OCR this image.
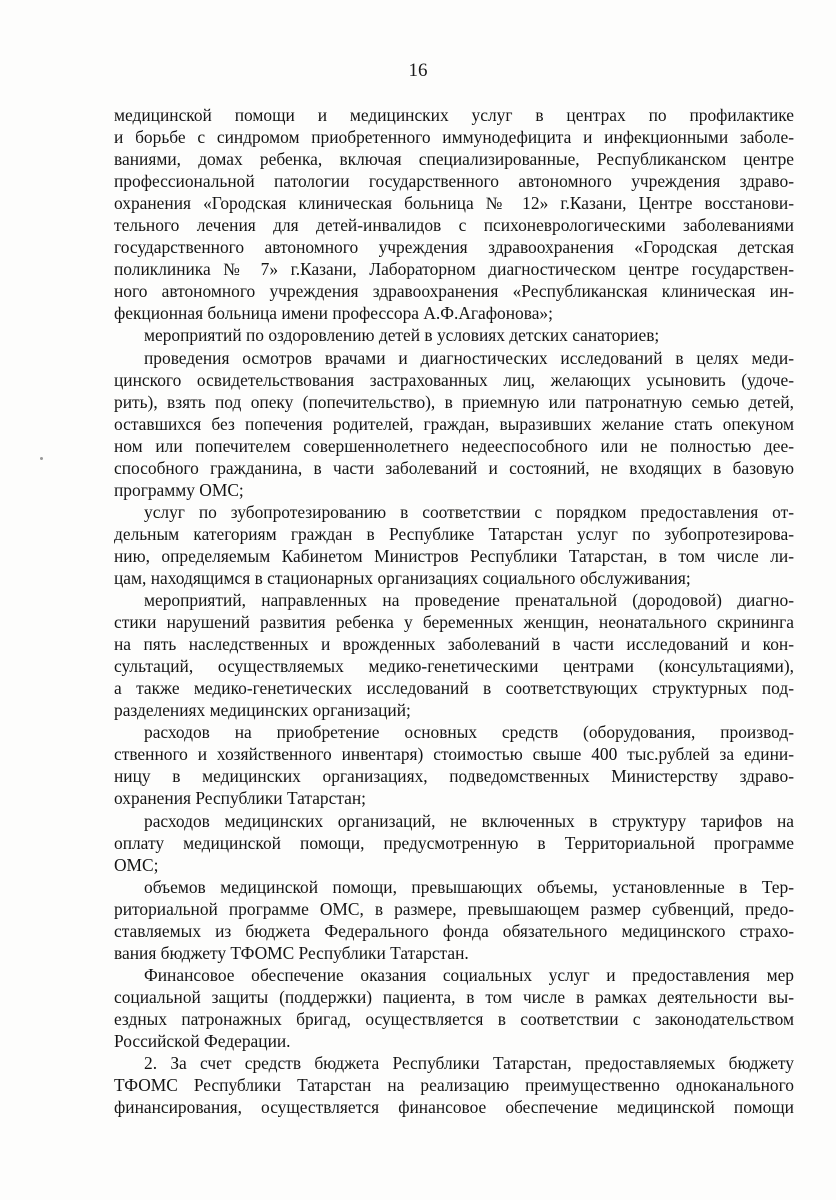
16
медицинской помощи и медицинских услуг в центрах по профилактике
и борьбе с синдромом приобретенного иммунодефицита и инфекционными заболе-
ваниями, домах ребенка, включая специализированные, Республиканском центре
профессиональной патологии государственного автономного учреждения здраво-
охранения «Городская клиническая больница № 12» г.Казани, Центре восстанови-
тельного лечения для детей-инвалидов с психоневрологическими заболеваниями
государственного автономного учреждения здравоохранения «Городская детская
поликлиника № 7» г.Казани, Лабораторном диагностическом центре государствен-
ного автономного учреждения здравоохранения «Республиканская клиническая ин-
фекционная больница имени профессора А.Ф.Агафонова»;
мероприятий по оздоровлению детей в условиях детских санаториев;
проведения осмотров врачами и диагностических исследований в целях меди-
цинского освидетельствования застрахованных лиц, желающих усыновить (удоче-
рить), взять под опеку (попечительство), в приемную или патронатную семью детей,
оставшихся без попечения родителей, граждан, выразивших желание стать опекуном
ном или попечителем совершеннолетнего недееспособного или не полностью дее-
способного гражданина, в части заболеваний и состояний, не входящих в базовую
программу ОМС;
услуг по зубопротезированию в соответствии с порядком предоставления от-
дельным категориям граждан в Республике Татарстан услуг по зубопротезирова-
нию, определяемым Кабинетом Министров Республики Татарстан, в том числе ли-
цам, находящимся в стационарных организациях социального обслуживания;
мероприятий, направленных на проведение пренатальной (дородовой) диагно-
стики нарушений развития ребенка у беременных женщин, неонатального скрининга
на пять наследственных и врожденных заболеваний в части исследований и кон-
сультаций, осуществляемых медико-генетическими центрами (консультациями),
а также медико-генетических исследований в соответствующих структурных под-
разделениях медицинских организаций;
расходов на приобретение основных средств (оборудования, производ-
ственного и хозяйственного инвентаря) стоимостью свыше 400 тыс.рублей за едини-
ницу в медицинских организациях, подведомственных Министерству здраво-
охранения Республики Татарстан;
расходов медицинских организаций, не включенных в структуру тарифов на
оплату медицинской помощи, предусмотренную в Территориальной программе
ОМС;
объемов медицинской помощи, превышающих объемы, установленные в Тер-
риториальной программе ОМС, в размере, превышающем размер субвенций, предо-
ставляемых из бюджета Федерального фонда обязательного медицинского страхо-
вания бюджету ТФОМС Республики Татарстан.
Финансовое обеспечение оказания социальных услуг и предоставления мер
социальной защиты (поддержки) пациента, в том числе в рамках деятельности вы-
ездных патронажных бригад, осуществляется в соответствии с законодательством
Российской Федерации.
2. За счет средств бюджета Республики Татарстан, предоставляемых бюджету
ТФОМС Республики Татарстан на реализацию преимущественно одноканального
финансирования, осуществляется финансовое обеспечение медицинской помощи
